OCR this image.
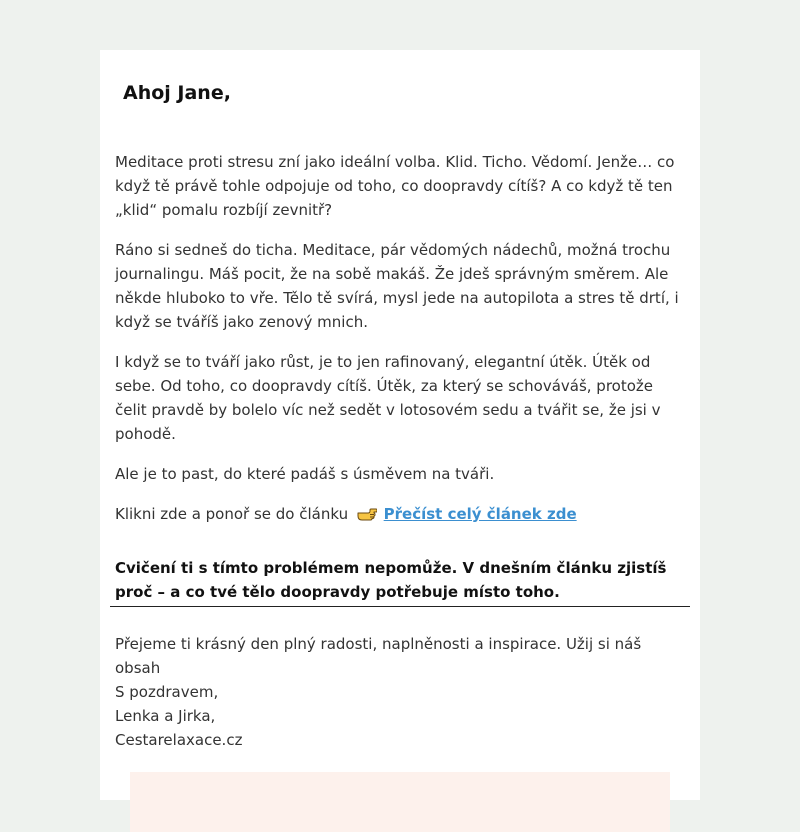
Ahoj Jane,

Meditace proti stresu zní jako ideální volba. Klid. Ticho. Vědomí. Jenže… co když tě právě tohle odpojuje od toho, co doopravdy cítíš? A co když tě ten „klid“ pomalu rozbíjí zevnitř?

Ráno si sedneš do ticha. Meditace, pár vědomých nádechů, možná trochu journalingu. Máš pocit, že na sobě makáš. Že jdeš správným směrem. Ale někde hluboko to vře. Tělo tě svírá, mysl jede na autopilota a stres tě drtí, i když se tváříš jako zenový mnich.

I když se to tváří jako růst, je to jen rafinovaný, elegantní útěk. Útěk od sebe. Od toho, co doopravdy cítíš. Útěk, za který se schováváš, protože čelit pravdě by bolelo víc než sedět v lotosovém sedu a tvářit se, že jsi v pohodě.

Ale je to past, do které padáš s úsměvem na tváři.

Klikni zde a ponoř se do článku Přečíst celý článek zde

Cvičení ti s tímto problémem nepomůže. V dnešním článku zjistíš proč – a co tvé tělo doopravdy potřebuje místo toho.

Přejeme ti krásný den plný radosti, naplněnosti a inspirace. Užij si náš obsah
S pozdravem,
Lenka a Jirka,
Cestarelaxace.cz
